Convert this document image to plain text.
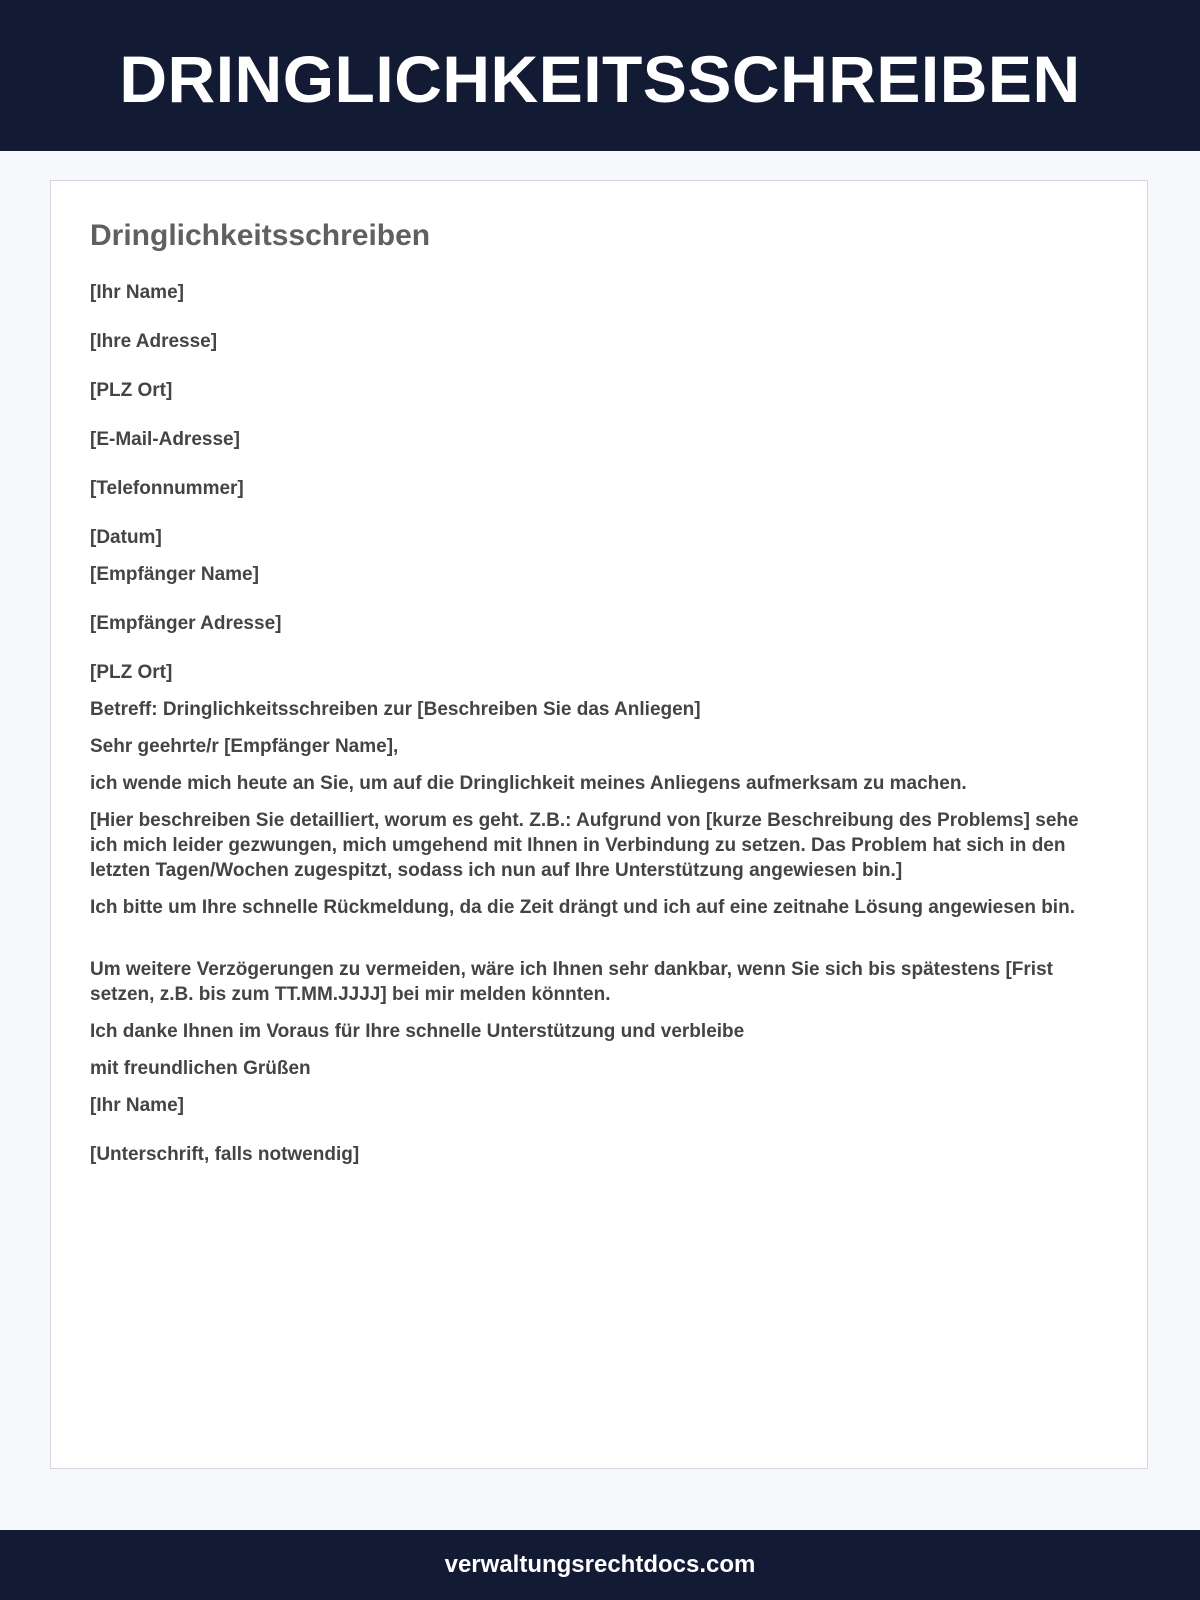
DRINGLICHKEITSSCHREIBEN
Dringlichkeitsschreiben
[Ihr Name]
[Ihre Adresse]
[PLZ Ort]
[E-Mail-Adresse]
[Telefonnummer]
[Datum]
[Empfänger Name]
[Empfänger Adresse]
[PLZ Ort]
Betreff: Dringlichkeitsschreiben zur [Beschreiben Sie das Anliegen]
Sehr geehrte/r [Empfänger Name],
ich wende mich heute an Sie, um auf die Dringlichkeit meines Anliegens aufmerksam zu machen.
[Hier beschreiben Sie detailliert, worum es geht. Z.B.: Aufgrund von [kurze Beschreibung des Problems] sehe ich mich leider gezwungen, mich umgehend mit Ihnen in Verbindung zu setzen. Das Problem hat sich in den letzten Tagen/Wochen zugespitzt, sodass ich nun auf Ihre Unterstützung angewiesen bin.]
Ich bitte um Ihre schnelle Rückmeldung, da die Zeit drängt und ich auf eine zeitnahe Lösung angewiesen bin.
Um weitere Verzögerungen zu vermeiden, wäre ich Ihnen sehr dankbar, wenn Sie sich bis spätestens [Frist setzen, z.B. bis zum TT.MM.JJJJ] bei mir melden könnten.
Ich danke Ihnen im Voraus für Ihre schnelle Unterstützung und verbleibe
mit freundlichen Grüßen
[Ihr Name]
[Unterschrift, falls notwendig]
verwaltungsrechtdocs.com
